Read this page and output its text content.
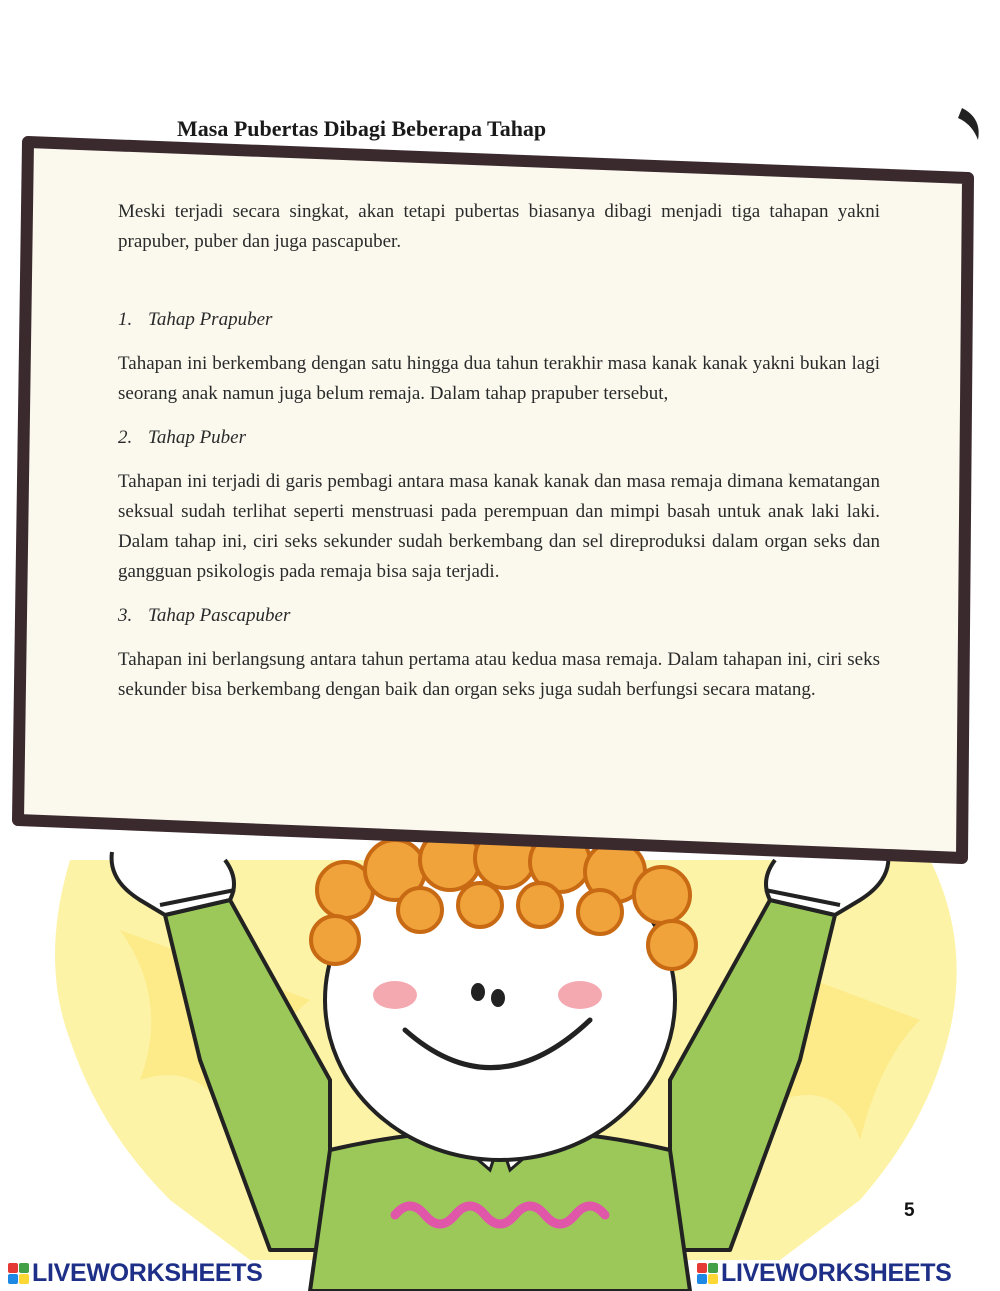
Masa Pubertas Dibagi Beberapa Tahap

Meski terjadi secara singkat, akan tetapi pubertas biasanya dibagi menjadi tiga tahapan yakni prapuber, puber dan juga pascapuber.

1. Tahap Prapuber

Tahapan ini berkembang dengan satu hingga dua tahun terakhir masa kanak kanak yakni bukan lagi seorang anak namun juga belum remaja. Dalam tahap prapuber tersebut,

2. Tahap Puber

Tahapan ini terjadi di garis pembagi antara masa kanak kanak dan masa remaja dimana kematangan seksual sudah terlihat seperti menstruasi pada perempuan dan mimpi basah untuk anak laki laki. Dalam tahap ini, ciri seks sekunder sudah berkembang dan sel direproduksi dalam organ seks dan gangguan psikologis pada remaja bisa saja terjadi.

3. Tahap Pascapuber

Tahapan ini berlangsung antara tahun pertama atau kedua masa remaja. Dalam tahapan ini, ciri seks sekunder bisa berkembang dengan baik dan organ seks juga sudah berfungsi secara matang.

5
LIVEWORKSHEETS	LIVEWORKSHEETS
